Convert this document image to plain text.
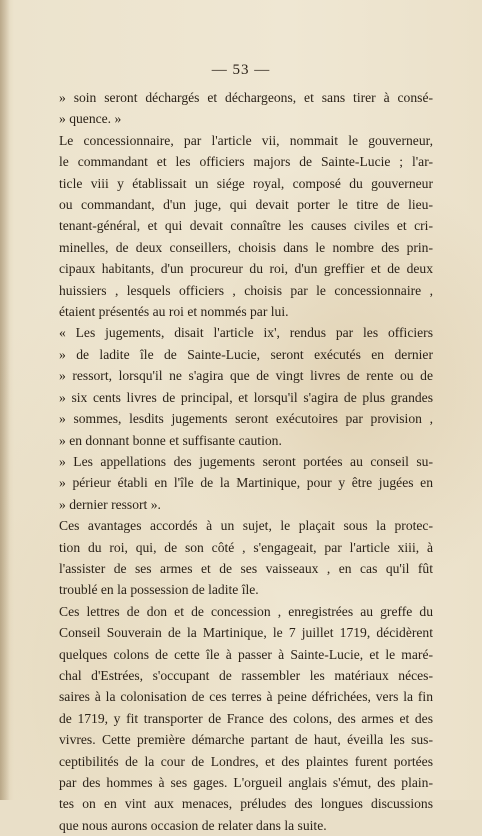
— 53 —
» soin seront déchargés et déchargeons, et sans tirer à consé-
» quence. »
Le concessionnaire, par l'article vii, nommait le gouverneur,
le commandant et les officiers majors de Sainte-Lucie ; l'ar-
ticle viii y établissait un siége royal, composé du gouverneur
ou commandant, d'un juge, qui devait porter le titre de lieu-
tenant-général, et qui devait connaître les causes civiles et cri-
minelles, de deux conseillers, choisis dans le nombre des prin-
cipaux habitants, d'un procureur du roi, d'un greffier et de deux
huissiers , lesquels officiers , choisis par le concessionnaire ,
étaient présentés au roi et nommés par lui.
« Les jugements, disait l'article ix', rendus par les officiers
» de ladite île de Sainte-Lucie, seront exécutés en dernier
» ressort, lorsqu'il ne s'agira que de vingt livres de rente ou de
» six cents livres de principal, et lorsqu'il s'agira de plus grandes
» sommes, lesdits jugements seront exécutoires par provision ,
» en donnant bonne et suffisante caution.
» Les appellations des jugements seront portées au conseil su-
» périeur établi en l'île de la Martinique, pour y être jugées en
» dernier ressort ».
Ces avantages accordés à un sujet, le plaçait sous la protec-
tion du roi, qui, de son côté , s'engageait, par l'article xiii, à
l'assister de ses armes et de ses vaisseaux , en cas qu'il fût
troublé en la possession de ladite île.
Ces lettres de don et de concession , enregistrées au greffe du
Conseil Souverain de la Martinique, le 7 juillet 1719, décidèrent
quelques colons de cette île à passer à Sainte-Lucie, et le maré-
chal d'Estrées, s'occupant de rassembler les matériaux néces-
saires à la colonisation de ces terres à peine défrichées, vers la fin
de 1719, y fit transporter de France des colons, des armes et des
vivres. Cette première démarche partant de haut, éveilla les sus-
ceptibilités de la cour de Londres, et des plaintes furent portées
par des hommes à ses gages. L'orgueil anglais s'émut, des plain-
tes on en vint aux menaces, préludes des longues discussions
que nous aurons occasion de relater dans la suite.
